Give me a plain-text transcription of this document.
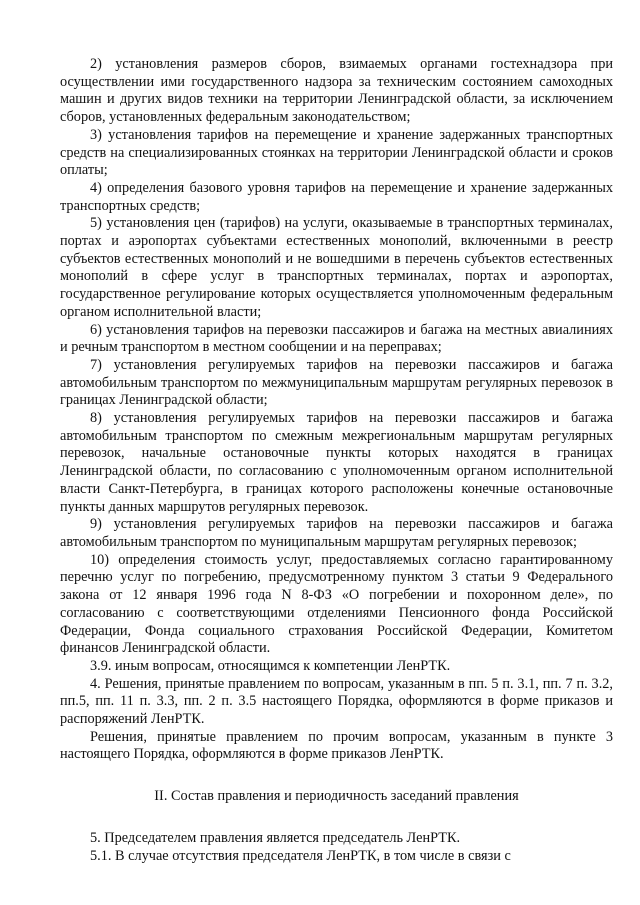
2) установления размеров сборов, взимаемых органами гостехнадзора при осуществлении ими государственного надзора за техническим состоянием самоходных машин и других видов техники на территории Ленинградской области, за исключением сборов, установленных федеральным законодательством;

3) установления тарифов на перемещение и хранение задержанных транспортных средств на специализированных стоянках на территории Ленинградской области и сроков оплаты;

4) определения базового уровня тарифов на перемещение и хранение задержанных транспортных средств;

5) установления цен (тарифов) на услуги, оказываемые в транспортных терминалах, портах и аэропортах субъектами естественных монополий, включенными в реестр субъектов естественных монополий и не вошедшими в перечень субъектов естественных монополий в сфере услуг в транспортных терминалах, портах и аэропортах, государственное регулирование которых осуществляется уполномоченным федеральным органом исполнительной власти;

6) установления тарифов на перевозки пассажиров и багажа на местных авиалиниях и речным транспортом в местном сообщении и на переправах;

7) установления регулируемых тарифов на перевозки пассажиров и багажа автомобильным транспортом по межмуниципальным маршрутам регулярных перевозок в границах Ленинградской области;

8) установления регулируемых тарифов на перевозки пассажиров и багажа автомобильным транспортом по смежным межрегиональным маршрутам регулярных перевозок, начальные остановочные пункты которых находятся в границах Ленинградской области, по согласованию с уполномоченным органом исполнительной власти Санкт-Петербурга, в границах которого расположены конечные остановочные пункты данных маршрутов регулярных перевозок.

9) установления регулируемых тарифов на перевозки пассажиров и багажа автомобильным транспортом по муниципальным маршрутам регулярных перевозок;

10) определения стоимость услуг, предоставляемых согласно гарантированному перечню услуг по погребению, предусмотренному пунктом 3 статьи 9 Федерального закона от 12 января 1996 года N 8-ФЗ «О погребении и похоронном деле», по согласованию с соответствующими отделениями Пенсионного фонда Российской Федерации, Фонда социального страхования Российской Федерации, Комитетом финансов Ленинградской области.

3.9. иным вопросам, относящимся к компетенции ЛенРТК.

4. Решения, принятые правлением по вопросам, указанным в пп. 5 п. 3.1, пп. 7 п. 3.2, пп.5, пп. 11 п. 3.3, пп. 2 п. 3.5 настоящего Порядка, оформляются в форме приказов и распоряжений ЛенРТК.

Решения, принятые правлением по прочим вопросам, указанным в пункте 3 настоящего Порядка, оформляются в форме приказов ЛенРТК.

II. Состав правления и периодичность заседаний правления

5. Председателем правления является председатель ЛенРТК.

5.1. В случае отсутствия председателя ЛенРТК, в том числе в связи с
